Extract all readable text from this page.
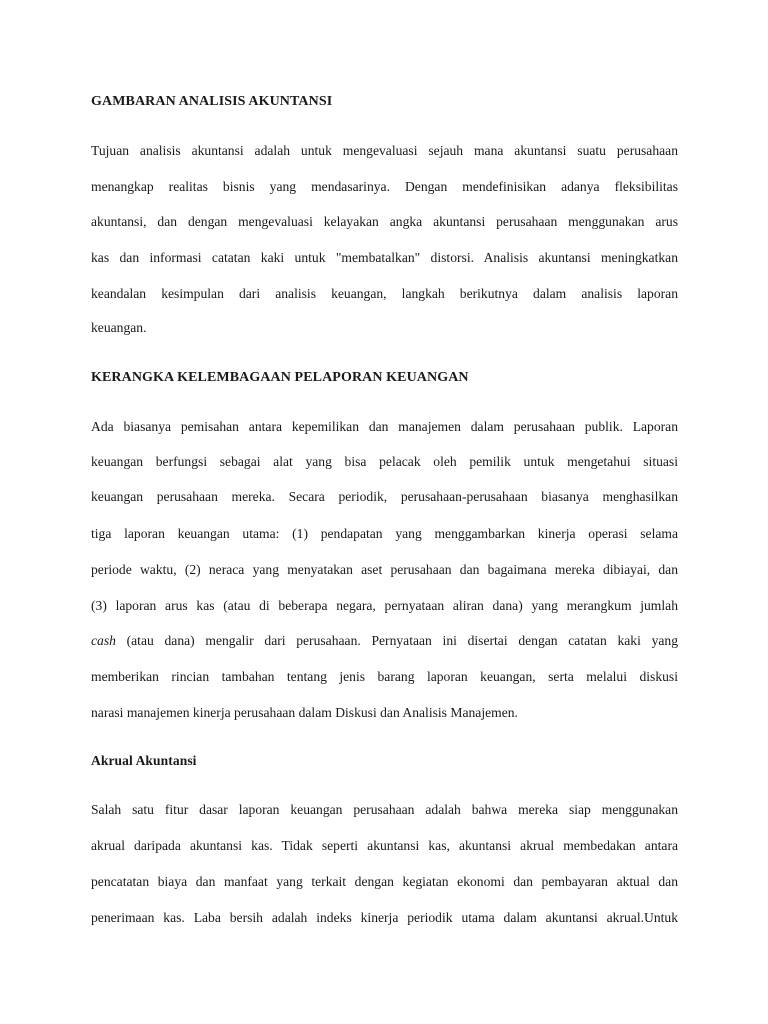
GAMBARAN ANALISIS AKUNTANSI
Tujuan analisis akuntansi adalah untuk mengevaluasi sejauh mana akuntansi suatu perusahaan
menangkap realitas bisnis yang mendasarinya. Dengan mendefinisikan adanya fleksibilitas
akuntansi, dan dengan mengevaluasi kelayakan angka akuntansi perusahaan menggunakan arus
kas dan informasi catatan kaki untuk "membatalkan" distorsi. Analisis akuntansi meningkatkan
keandalan kesimpulan dari analisis keuangan, langkah berikutnya dalam analisis laporan
keuangan.
KERANGKA KELEMBAGAAN PELAPORAN KEUANGAN
Ada biasanya pemisahan antara kepemilikan dan manajemen dalam perusahaan publik. Laporan
keuangan berfungsi sebagai alat yang bisa pelacak oleh pemilik untuk mengetahui situasi
keuangan perusahaan mereka. Secara periodik, perusahaan-perusahaan biasanya menghasilkan
tiga laporan keuangan utama: (1) pendapatan yang menggambarkan kinerja operasi selama
periode waktu, (2) neraca yang menyatakan aset perusahaan dan bagaimana mereka dibiayai, dan
(3) laporan arus kas (atau di beberapa negara, pernyataan aliran dana) yang merangkum jumlah
cash (atau dana) mengalir dari perusahaan. Pernyataan ini disertai dengan catatan kaki yang
memberikan rincian tambahan tentang jenis barang laporan keuangan, serta melalui diskusi
narasi manajemen kinerja perusahaan dalam Diskusi dan Analisis Manajemen.
Akrual Akuntansi
Salah satu fitur dasar laporan keuangan perusahaan adalah bahwa mereka siap menggunakan
akrual daripada akuntansi kas. Tidak seperti akuntansi kas, akuntansi akrual membedakan antara
pencatatan biaya dan manfaat yang terkait dengan kegiatan ekonomi dan pembayaran aktual dan
penerimaan kas. Laba bersih adalah indeks kinerja periodik utama dalam akuntansi akrual.Untuk
